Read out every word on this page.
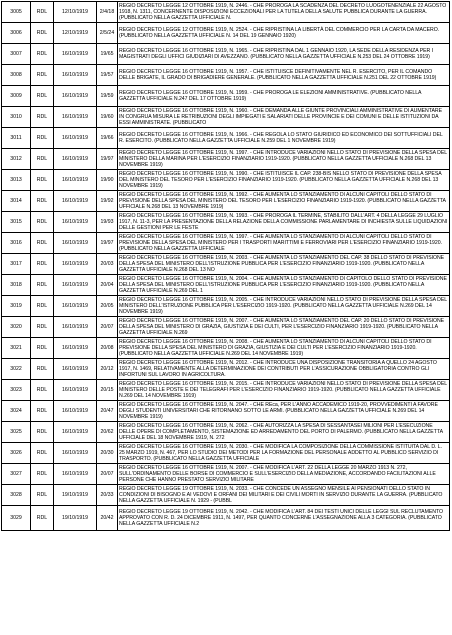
3005	RDL	12/10/1919	2/4/18	REGIO DECRETO LEGGE 12 OTTOBRE 1919, N. 2446. - CHE PROROGA LA SCADENZA DEL DECRETO LUOGOTENENZIALE 22 AGOSTO 1918, N. 1311, CONCERNENTE DISPOSIZIONI ECCEZIONALI PER LA TUTELA DELLA SALUTE PUBBLICA DURANTE LA GUERRA. (PUBBLICATO NELLA GAZZETTA UFFICIALE N.
3006	RDL	12/10/1919	2/5/24	REGIO DECRETO LEGGE 12 OTTOBRE 1919, N. 2524. - CHE RIPRISTINA LA LIBERTÀ DEL COMMERCIO PER LA CARTA DA MACERO. (PUBBLICATO NELLA GAZZETTA UFFICIALE N. 14 DEL 19 GENNAIO 1920)
3007	RDL	16/10/1919	19/65	REGIO DECRETO LEGGE 16 OTTOBRE 1919, N. 1965. - CHE RIPRISTINA DAL 1 GENNAIO 1920, LA SEDE DELLA RESIDENZA PER I MAGISTRATI DEGLI UFFICI GIUDIZIARI DI AVEZZANO. (PUBBLICATO NELLA GAZZETTA UFFICIALE N.253 DEL 24 OTTOBRE 1919)
3008	RDL	16/10/1919	19/57	REGIO DECRETO LEGGE 16 OTTOBRE 1919, N. 1957. - CHE ISTITUISCE DEFINITIVAMENTE NEL R. ESERCITO, PER IL COMANDO DELLE BRIGATE, IL GRADO DI BRIGADIERE GENERALE. (PUBBLICATO NELLA GAZZETTA UFFICIALE N.251 DEL 22 OTTOBRE 1919)
3009	RDL	16/10/1919	19/59	REGIO DECRETO LEGGE 16 OTTOBRE 1919, N. 1959. - CHE PROROGA LE ELEZIONI AMMINISTRATIVE. (PUBBLICATO NELLA GAZZETTA UFFICIALE N.247 DEL 17 OTTOBRE 1919)
3010	RDL	16/10/1919	19/60	REGIO DECRETO LEGGE 16 OTTOBRE 1919, N. 1960. - CHE DEMANDA ALLE GIUNTE PROVINCIALI AMMINISTRATIVE DI AUMENTARE IN CONGRUA MISURA LE RETRIBUZIONI DEGLI IMPIEGATI E SALARIATI DELLE PROVINCIE E DEI COMUNI E DELLE ISTITUZIONI DA ESSI AMMINISTRATE. (PUBBLICATO
3011	RDL	16/10/1919	19/66	REGIO DECRETO LEGGE 16 OTTOBRE 1919, N. 1966. - CHE REGOLA LO STATO GIURIDICO ED ECONOMICO DEI SOTTUFFICIALI DEL R. ESERCITO. (PUBBLICATO NELLA GAZZETTA UFFICIALE N.259 DEL 1 NOVEMBRE 1919)
3012	RDL	16/10/1919	19/97	REGIO DECRETO LEGGE 16 OTTOBRE 1919, N. 1997. - CHE INTRODUCE VARIAZIONI NELLO STATO DI PREVISIONE DELLA SPESA DEL MINISTERO DELLA MARINA PER L'ESERCIZIO FINANZIARIO 1919-1920. (PUBBLICATO NELLA GAZZETTA UFFICIALE N.268 DEL 13 NOVEMBRE 1919)
3013	RDL	16/10/1919	19/90	REGIO DECRETO LEGGE 16 OTTOBRE 1919, N. 1990. - CHE ISTITUISCE IL CAP. 238-BIS NELLO STATO DI PREVISIONE DELLA SPESA DEL MINISTERO DEL TESORO PER L'ESERCIZIO FINANZIARIO 1919-1920. (PUBBLICATO NELLA GAZZETTA UFFICIALE N.268 DEL 13 NOVEMBRE 1919)
3014	RDL	16/10/1919	19/92	REGIO DECRETO LEGGE 16 OTTOBRE 1919, N. 1992. - CHE AUMENTA LO STANZIAMENTO DI ALCUNI CAPITOLI DELLO STATO DI PREVISIONE DELLA SPESA DEL MINISTERO DEL TESORO PER L'ESERCIZIO FINANZIARIO 1919-1920. (PUBBLICATO NELLA GAZZETTA UFFICIALE N.268 DEL 13 NOVEMBRE 1919)
3015	RDL	16/10/1919	19/93	REGIO DECRETO LEGGE 16 OTTOBRE 1919, N. 1993. - CHE PROROGA IL TERMINE, STABILITO DALL'ART. 4 DELLA LEGGE 29 LUGLIO 1917, N. 11-3, PER LA PRESENTAZIONE DELLA RELAZIONE DELLA COMMISSIONE PARLAMENTARE DI INCHIESTA SULLE LIQUIDAZIONI DELLE GESTIONI PER LE FESTE
3016	RDL	16/10/1919	19/97	REGIO DECRETO LEGGE 16 OTTOBRE 1919, N. 1997. - CHE AUMENTA LO STANZIAMENTO DI ALCUNI CAPITOLI DELLO STATO DI PREVISIONE DELLA SPESA DEL MINISTERO PER I TRASPORTI MARITTIMI E FERROVIARI PER L'ESERCIZIO FINANZIARIO 1919-1920. (PUBBLICATO NELLA GAZZETTA UFFICIALE
3017	RDL	16/10/1919	20/03	REGIO DECRETO LEGGE 16 OTTOBRE 1919, N. 2003. - CHE AUMENTA LO STANZIAMENTO DEL CAP. 38 DELLO STATO DI PREVISIONE DELLA SPESA DEL MINISTERO DELL'ISTRUZIONE PUBBLICA PER L'ESERCIZIO FINANZIARIO 1919-1920. (PUBBLICATO NELLA GAZZETTA UFFICIALE N.268 DEL 13 NO
3018	RDL	16/10/1919	20/04	REGIO DECRETO LEGGE 16 OTTOBRE 1919, N. 2004. - CHE AUMENTA LO STANZIAMENTO DI CAPITOLO DELLO STATO DI PREVISIONE DELLA SPESA DEL MINISTERO DELL'ISTRUZIONE PUBBLICA PER L'ESERCIZIO FINANZIARIO 1919-1920. (PUBBLICATO NELLA GAZZETTA UFFICIALE N.269 DEL 1
3019	RDL	16/10/1919	20/05	REGIO DECRETO LEGGE 16 OTTOBRE 1919, N. 2005. - CHE INTRODUCE VARIAZIONI NELLO STATO DI PREVISIONE DELLA SPESA DEL MINISTERO DELL'ISTRUZIONE PUBBLICA PER L'ESERCIZIO 1919-1920. (PUBBLICATO NELLA GAZZETTA UFFICIALE N.269 DEL 14 NOVEMBRE 1919)
3020	RDL	16/10/1919	20/07	REGIO DECRETO LEGGE 16 OTTOBRE 1919, N. 2007. - CHE AUMENTA LO STANZIAMENTO DEL CAP. 20 DELLO STATO DI PREVISIONE DELLA SPESA DEL MINISTERO DI GRAZIA, GIUSTIZIA E DEI CULTI, PER L'ESERCIZIO FINANZIARIO 1919-1920. (PUBBLICATO NELLA GAZZETTA UFFICIALE N.269
3021	RDL	16/10/1919	20/08	REGIO DECRETO LEGGE 16 OTTOBRE 1919, N. 2008. - CHE AUMENTA LO STANZIAMENTO DI ALCUNI CAPITOLI DELLO STATO DI PREVISIONE DELLA SPESA DEL MINISTERO DI GRAZIA, GIUSTIZIA E DEI CULTI PER L'ESERCIZIO FINANZIARIO 1919-1920. (PUBBLICATO NELLA GAZZETTA UFFICIALE N.269 DEL 14 NOVEMBRE 1919)
3022	RDL	16/10/1919	20/12	REGIO DECRETO LEGGE 16 OTTOBRE 1919, N. 2012. - CHE INTRODUCE UNA DISPOSIZIONE TRANSITORIA A QUELLO 24 AGOSTO 1917, N. 1469, RELATIVAMENTE ALLA DETERMINAZIONE DEI CONTRIBUTI PER L'ASSICURAZIONE OBBLIGATORIA CONTRO GLI INFORTUNI SUL LAVORO IN AGRICOLTURA.
3023	RDL	16/10/1919	20/15	REGIO DECRETO LEGGE 16 OTTOBRE 1919, N. 2015. - CHE INTRODUCE VARIAZIONI NELLO STATO DI PREVISIONE DELLA SPESA DEL MINISTERO DELLE POSTE E DEI TELEGRAFI PER L'ESERCIZIO FINANZIARIO 1919-1920. (PUBBLICATO NELLA GAZZETTA UFFICIALE N.269 DEL 14 NOVEMBRE 1919)
3024	RDL	16/10/1919	20/47	REGIO DECRETO LEGGE 16 OTTOBRE 1919, N. 2047. - CHE REca, PER L'ANNO ACCADEMICO 1919-20, PROVVEDIMENTI A FAVORE DEGLI STUDENTI UNIVERSITARI CHE RITORNANO SOTTO LE ARMI. (PUBBLICATO NELLA GAZZETTA UFFICIALE N.269 DEL 14 NOVEMBRE 1919)
3025	RDL	16/10/1919	20/62	REGIO DECRETO LEGGE 16 OTTOBRE 1919, N. 2062. - CHE AUTORIZZA LA SPESA DI SESSANTASEI MILIONI PER L'ESECUZIONE DELLE OPERE DI COMPLETAMENTO, SISTEMAZIONE ED ARREDAMENTO DEL PORTO DI PALERMO. (PUBBLICATO NELLA GAZZETTA UFFICIALE DEL 18 NOVEMBRE 1919, N. 272
3026	RDL	16/10/1919	20/30	REGIO DECRETO LEGGE 16 OTTOBRE 1919, N. 2030. - CHE MODIFICA LA COMPOSIZIONE DELLA COMMISSIONE ISTITUITA DAL D. L. 25 MARZO 1919, N. 467, PER LO STUDIO DEI METODI PER LA FORMAZIONE DEL PERSONALE ADDETTO AL PUBBLICO SERVIZIO DI TRASPORTO. (PUBBLICATO NELLA GAZZETTA UFFICIALE
3027	RDL	16/10/1919	20/07	REGIO DECRETO LEGGE 16 OTTOBRE 1919, N. 2007. - CHE MODIFICA L'ART. 22 DELLA LEGGE 20 MARZO 1913 N. 272, SULL'ORDINAMENTO DELLE BORSE DI COMMERCIO E SULL'ESERCIZIO DELLA MEDIAZIONE, ACCORDANDO FACILITAZIONI ALLE PERSONE CHE HANNO PRESTATO SERVIZIO MILITARE
3028	RDL	19/10/1919	20/33	REGIO DECRETO LEGGE 19 OTTOBRE 1919, N. 2033. - CHE CONCEDE UN ASSEGNO MENSILE AI PENSIONATI DELLO STATO IN CONDIZIONI DI BISOGNO E AI VEDOVI E ORFANI DEI MILITARI E DEI CIVILI MORTI IN SERVIZIO DURANTE LA GUERRA. (PUBBLICATO NELLA GAZZETTA UFFICIALE N. 1929 - (PUBBL
3029	RDL	19/10/1919	20/42	REGIO DECRETO LEGGE 19 OTTOBRE 1919, N. 2042. - CHE MODIFICA L'ART. 84 DEI TESTI UNICI DELLE LEGGI SUL RECLUTAMENTO APPROVATO CON R. D. 24 DICEMBRE 1911, N. 1497, PER QUANTO CONCERNE L'ASSEGNAZIONE ALLA 3 CATEGORIA. (PUBBLICATO NELLA GAZZETTA UFFICIALE N.2
